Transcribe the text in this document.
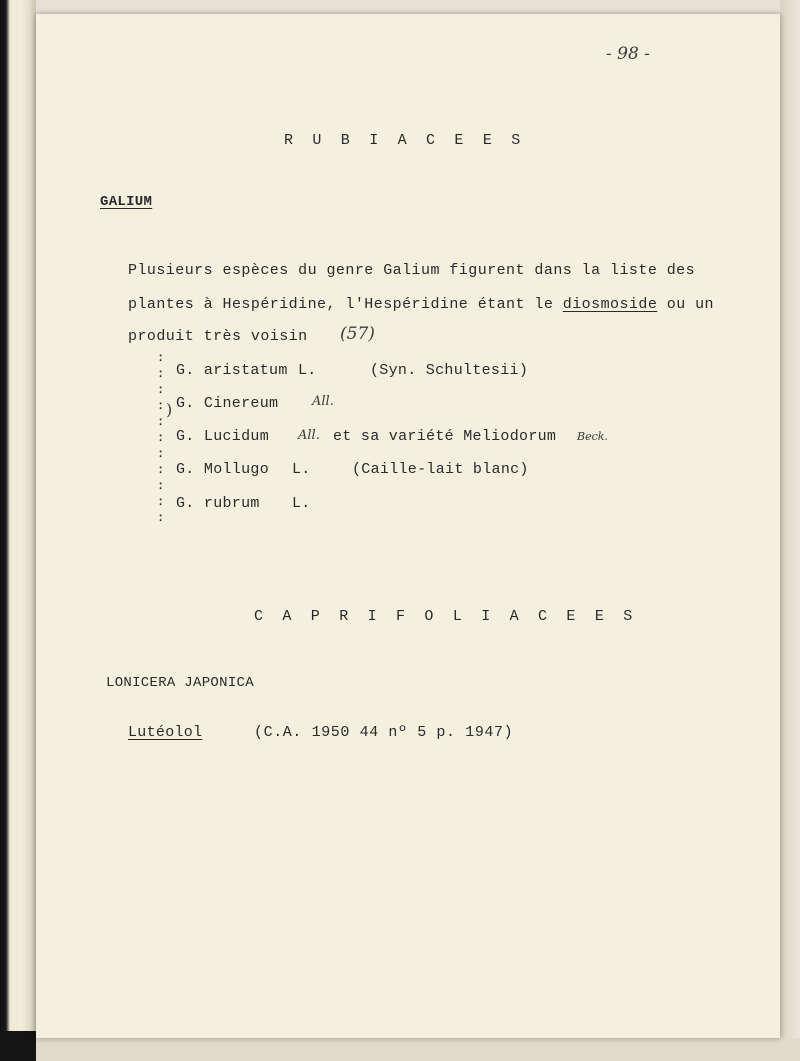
- 98 -
R U B I A C E E S
GALIUM
Plusieurs espèces du genre Galium figurent dans la liste des
plantes à Hespéridine, l'Hespéridine étant le diosmoside ou un
produit très voisin (57)
:
:
:
:
:
:
:
:
:
:
:
)
G. aristatum L.	(Syn. Schultesii)
G. Cinereum	All.
G. Lucidum All. et sa variété Meliodorum Beck.
G. Mollugo L.	(Caille-lait blanc)
G. rubrum L.
C A P R I F O L I A C E E S
LONICERA JAPONICA
Lutéolol	(C.A. 1950 44 nº 5 p. 1947)
